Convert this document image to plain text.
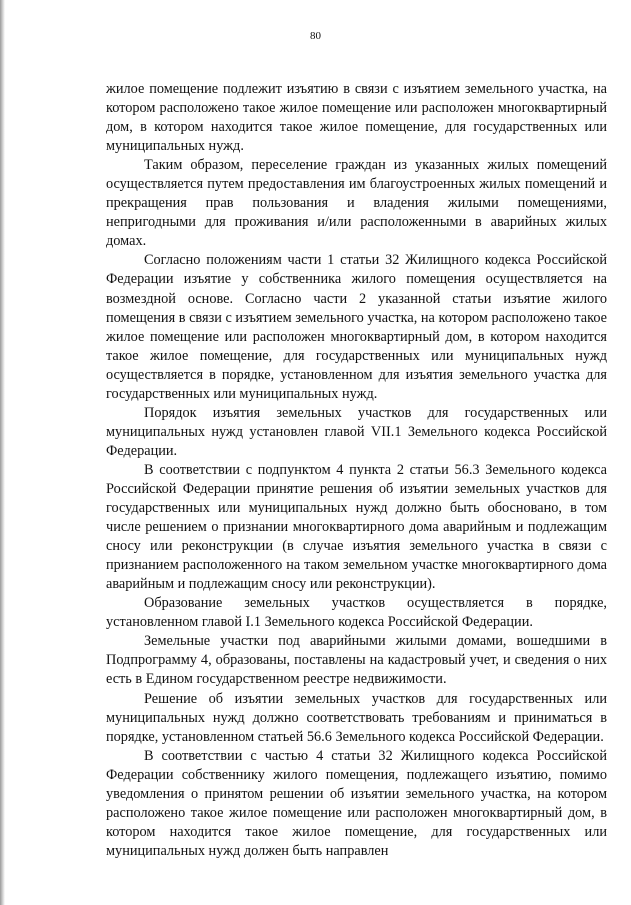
80

жилое помещение подлежит изъятию в связи с изъятием земельного участка, на котором расположено такое жилое помещение или расположен многоквартирный дом, в котором находится такое жилое помещение, для государственных или муниципальных нужд.

Таким образом, переселение граждан из указанных жилых помещений осуществляется путем предоставления им благоустроенных жилых помещений и прекращения прав пользования и владения жилыми помещениями, непригодными для проживания и/или расположенными в аварийных жилых домах.

Согласно положениям части 1 статьи 32 Жилищного кодекса Российской Федерации изъятие у собственника жилого помещения осуществляется на возмездной основе. Согласно части 2 указанной статьи изъятие жилого помещения в связи с изъятием земельного участка, на котором расположено такое жилое помещение или расположен многоквартирный дом, в котором находится такое жилое помещение, для государственных или муниципальных нужд осуществляется в порядке, установленном для изъятия земельного участка для государственных или муниципальных нужд.

Порядок изъятия земельных участков для государственных или муниципальных нужд установлен главой VII.1 Земельного кодекса Российской Федерации.

В соответствии с подпунктом 4 пункта 2 статьи 56.3 Земельного кодекса Российской Федерации принятие решения об изъятии земельных участков для государственных или муниципальных нужд должно быть обосновано, в том числе решением о признании многоквартирного дома аварийным и подлежащим сносу или реконструкции (в случае изъятия земельного участка в связи с признанием расположенного на таком земельном участке многоквартирного дома аварийным и подлежащим сносу или реконструкции).

Образование земельных участков осуществляется в порядке, установленном главой I.1 Земельного кодекса Российской Федерации.

Земельные участки под аварийными жилыми домами, вошедшими в Подпрограмму 4, образованы, поставлены на кадастровый учет, и сведения о них есть в Едином государственном реестре недвижимости.

Решение об изъятии земельных участков для государственных или муниципальных нужд должно соответствовать требованиям и приниматься в порядке, установленном статьей 56.6 Земельного кодекса Российской Федерации.

В соответствии с частью 4 статьи 32 Жилищного кодекса Российской Федерации собственнику жилого помещения, подлежащего изъятию, помимо уведомления о принятом решении об изъятии земельного участка, на котором расположено такое жилое помещение или расположен многоквартирный дом, в котором находится такое жилое помещение, для государственных или муниципальных нужд должен быть направлен
